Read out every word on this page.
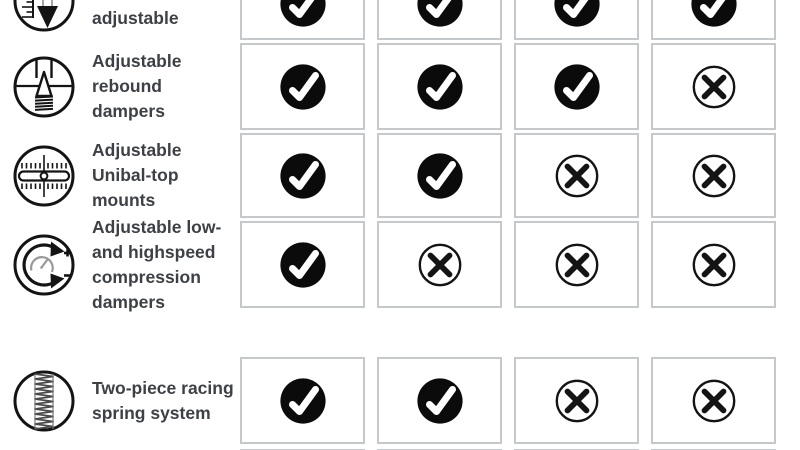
adjustable
Adjustable
rebound
dampers
Adjustable
Unibal-top
mounts
Adjustable low-
and highspeed
compression
dampers
Two-piece racing
spring system
